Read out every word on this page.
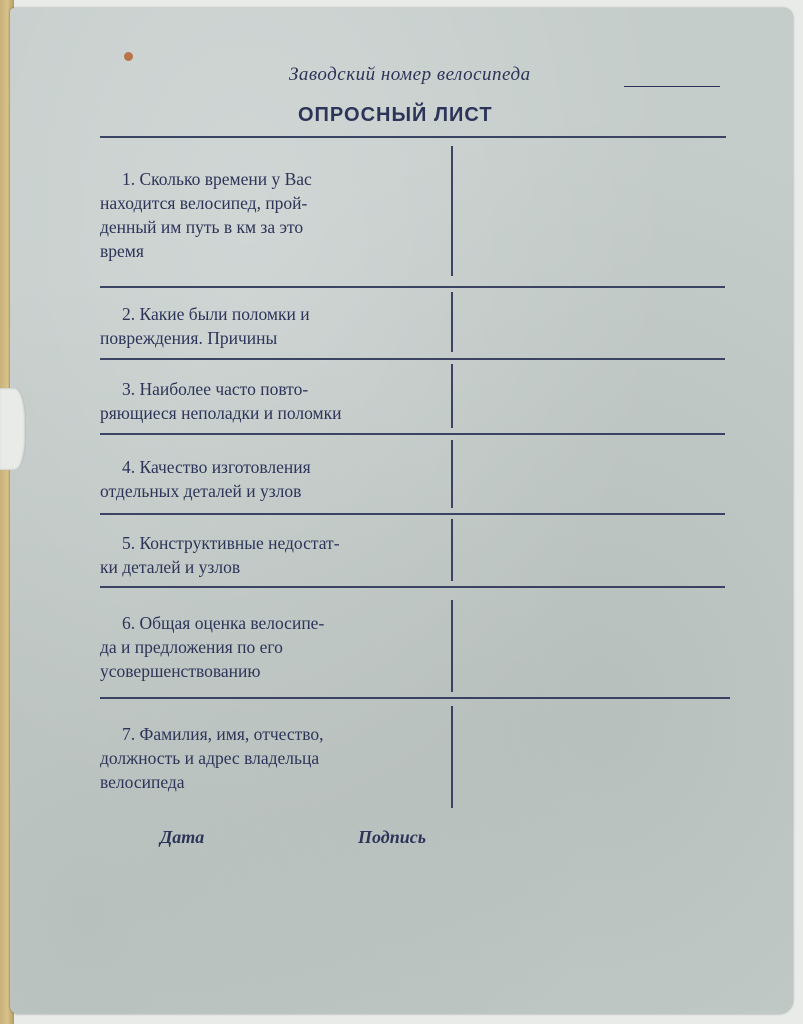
Заводский номер велосипеда
ОПРОСНЫЙ ЛИСТ

1. Сколько времени у Вас

находится велосипед, прой-

денный им путь в км за это

время

2. Какие были поломки и

повреждения. Причины

3. Наиболее часто повто-

ряющиеся неполадки и поломки

4. Качество изготовления

отдельных деталей и узлов

5. Конструктивные недостат-

ки деталей и узлов

6. Общая оценка велосипе-

да и предложения по его

усовершенствованию

7. Фамилия, имя, отчество,

должность и адрес владельца

велосипеда

Дата	Подпись
